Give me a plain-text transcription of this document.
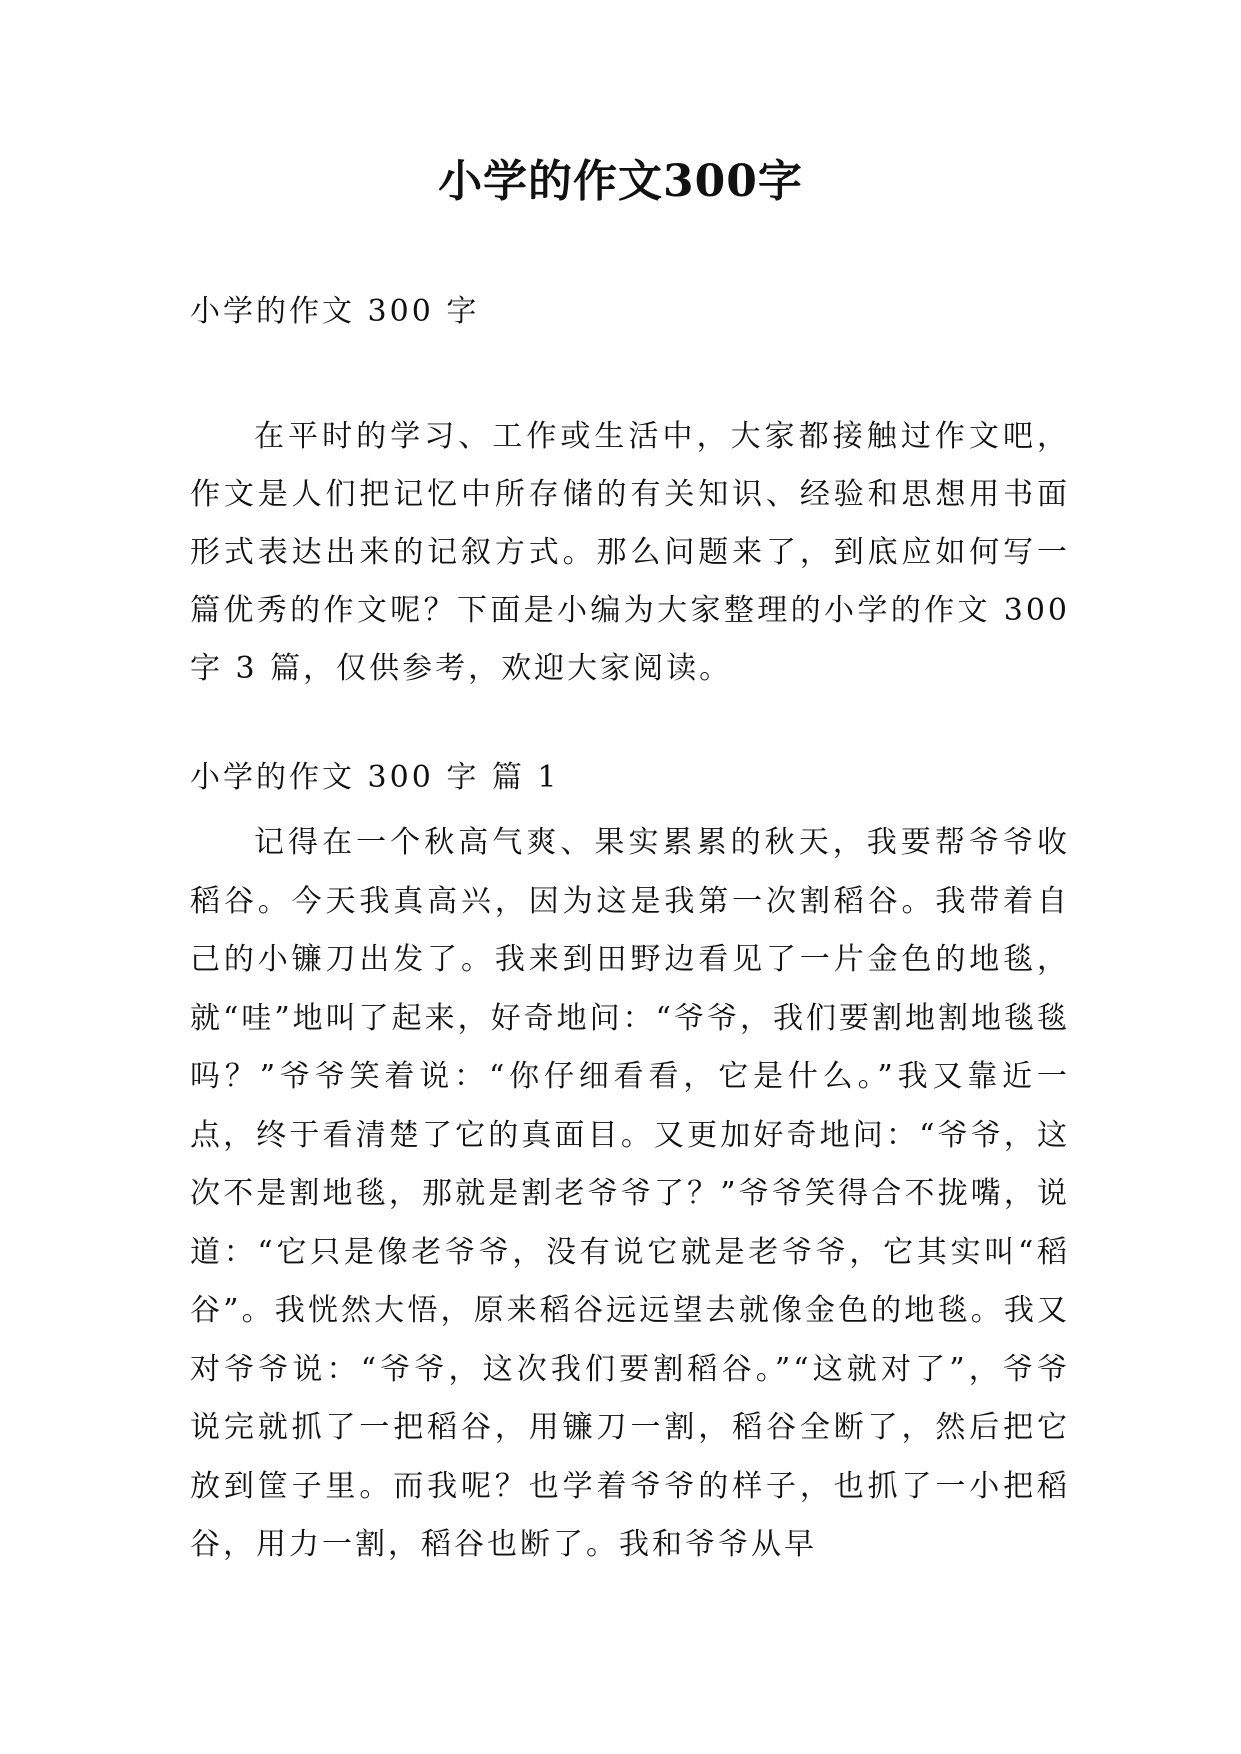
小学的作文300字
小学的作文 300 字
在平时的学习、工作或生活中，大家都接触过作文吧，作文是人们把记忆中所存储的有关知识、经验和思想用书面形式表达出来的记叙方式。那么问题来了，到底应如何写一篇优秀的作文呢？下面是小编为大家整理的小学的作文 300 字 3 篇，仅供参考，欢迎大家阅读。
小学的作文 300 字 篇 1
记得在一个秋高气爽、果实累累的秋天，我要帮爷爷收稻谷。今天我真高兴，因为这是我第一次割稻谷。我带着自己的小镰刀出发了。我来到田野边看见了一片金色的地毯，就“哇”地叫了起来，好奇地问：“爷爷，我们要割地割地毯毯吗？”爷爷笑着说：“你仔细看看，它是什么。”我又靠近一点，终于看清楚了它的真面目。又更加好奇地问：“爷爷，这次不是割地毯，那就是割老爷爷了？”爷爷笑得合不拢嘴，说道：“它只是像老爷爷，没有说它就是老爷爷，它其实叫“稻谷”。我恍然大悟，原来稻谷远远望去就像金色的地毯。我又对爷爷说：“爷爷，这次我们要割稻谷。”“这就对了”，爷爷说完就抓了一把稻谷，用镰刀一割，稻谷全断了，然后把它放到筐子里。而我呢？也学着爷爷的样子，也抓了一小把稻谷，用力一割，稻谷也断了。我和爷爷从早
